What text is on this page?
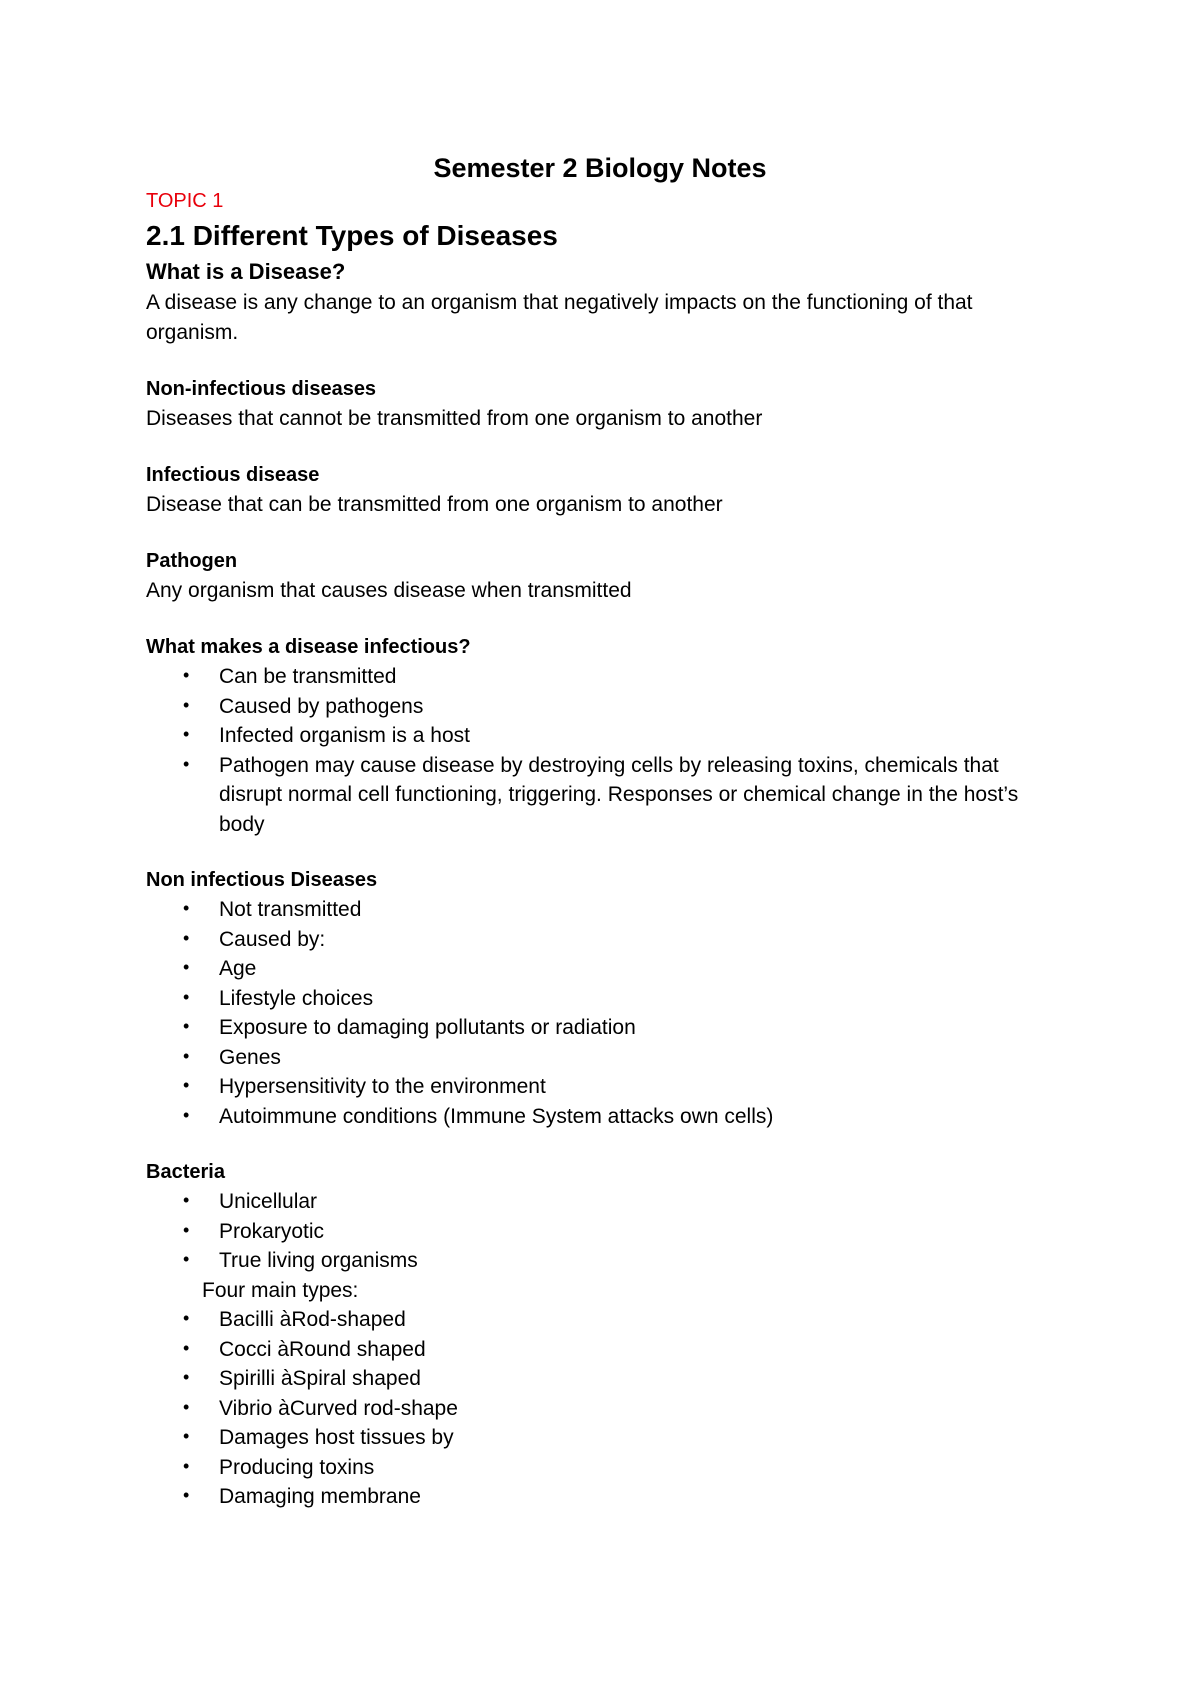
Semester 2 Biology Notes
TOPIC 1
2.1 Different Types of Diseases
What is a Disease?
A disease is any change to an organism that negatively impacts on the functioning of that organism.
Non-infectious diseases
Diseases that cannot be transmitted from one organism to another
Infectious disease
Disease that can be transmitted from one organism to another
Pathogen
Any organism that causes disease when transmitted
What makes a disease infectious?
• Can be transmitted
• Caused by pathogens
• Infected organism is a host
• Pathogen may cause disease by destroying cells by releasing toxins, chemicals that disrupt normal cell functioning, triggering. Responses or chemical change in the host’s body
Non infectious Diseases
• Not transmitted
• Caused by:
• Age
• Lifestyle choices
• Exposure to damaging pollutants or radiation
• Genes
• Hypersensitivity to the environment
• Autoimmune conditions (Immune System attacks own cells)
Bacteria
• Unicellular
• Prokaryotic
• True living organisms
Four main types:
• Bacilli àRod-shaped
• Cocci àRound shaped
• Spirilli àSpiral shaped
• Vibrio àCurved rod-shape
• Damages host tissues by
• Producing toxins
• Damaging membrane
